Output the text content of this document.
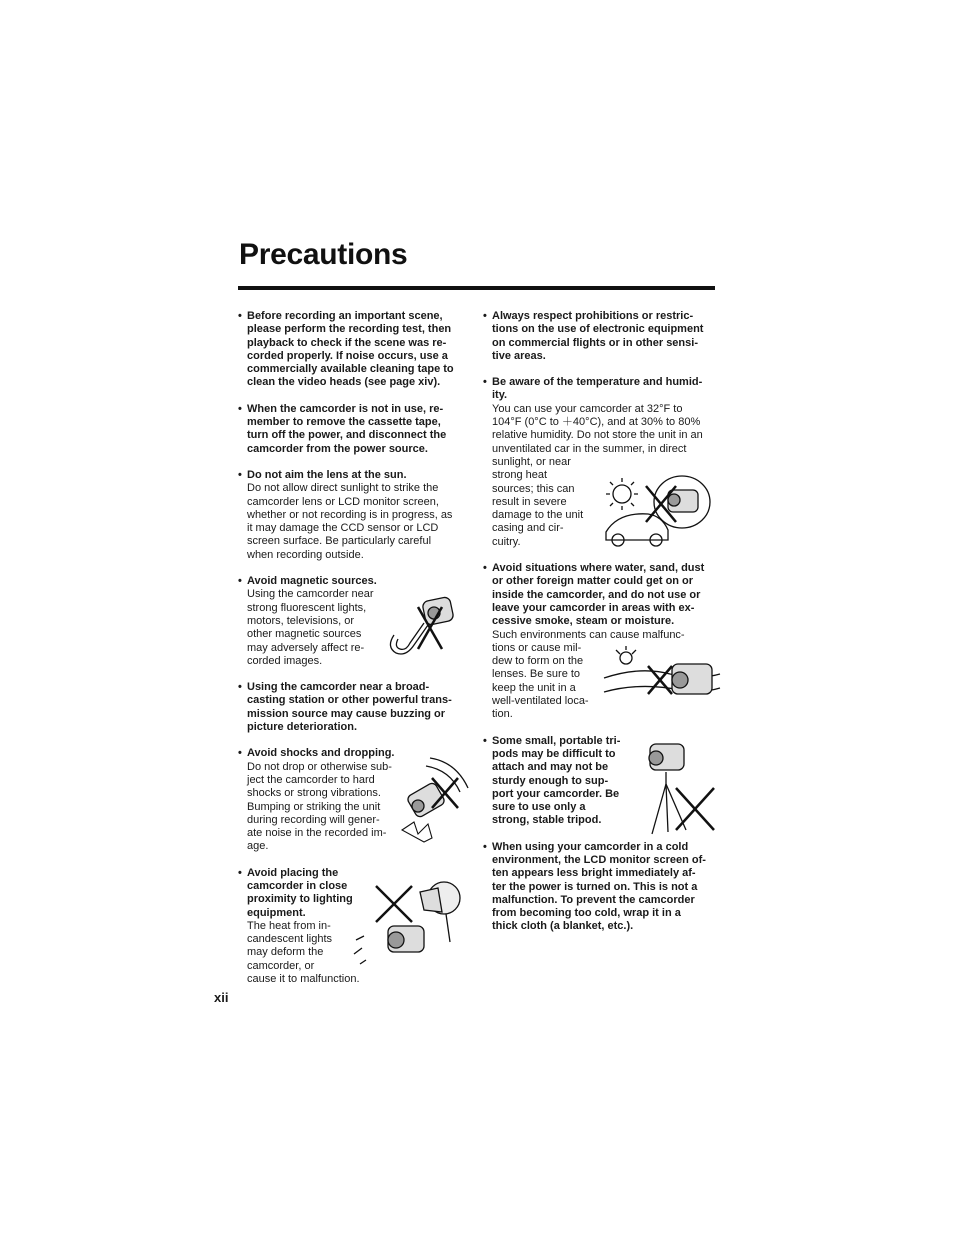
Precautions
• Before recording an important scene,
please perform the recording test, then
playback to check if the scene was re-
corded properly. If noise occurs, use a
commercially available cleaning tape to
clean the video heads (see page xiv).

• When the camcorder is not in use, re-
member to remove the cassette tape,
turn off the power, and disconnect the
camcorder from the power source.

• Do not aim the lens at the sun.

Do not allow direct sunlight to strike the
camcorder lens or LCD monitor screen,
whether or not recording is in progress, as
it may damage the CCD sensor or LCD
screen surface. Be particularly careful
when recording outside.

• Avoid magnetic sources.

Using the camcorder near
strong fluorescent lights,
motors, televisions, or
other magnetic sources
may adversely affect re-
corded images.

• Using the camcorder near a broad-
casting station or other powerful trans-
mission source may cause buzzing or
picture deterioration.

• Avoid shocks and dropping.

Do not drop or otherwise sub-
ject the camcorder to hard
shocks or strong vibrations.
Bumping or striking the unit
during recording will gener-
ate noise in the recorded im-
age.

• Avoid placing the
camcorder in close
proximity to lighting
equipment.

The heat from in-
candescent lights
may deform the
camcorder, or
cause it to malfunction.

• Always respect prohibitions or restric-
tions on the use of electronic equipment
on commercial flights or in other sensi-
tive areas.

• Be aware of the temperature and humid-
ity.

You can use your camcorder at 32°F to
104°F (0°C to ＋40°C), and at 30% to 80%
relative humidity. Do not store the unit in an
unventilated car in the summer, in direct
sunlight, or near
strong heat
sources; this can
result in severe
damage to the unit
casing and cir-
cuitry.

• Avoid situations where water, sand, dust
or other foreign matter could get on or
inside the camcorder, and do not use or
leave your camcorder in areas with ex-
cessive smoke, steam or moisture.

Such environments can cause malfunc-
tions or cause mil-
dew to form on the
lenses. Be sure to
keep the unit in a
well-ventilated loca-
tion.

• Some small, portable tri-
pods may be difficult to
attach and may not be
sturdy enough to sup-
port your camcorder. Be
sure to use only a
strong, stable tripod.

• When using your camcorder in a cold
environment, the LCD monitor screen of-
ten appears less bright immediately af-
ter the power is turned on. This is not a
malfunction. To prevent the camcorder
from becoming too cold, wrap it in a
thick cloth (a blanket, etc.).

xii
